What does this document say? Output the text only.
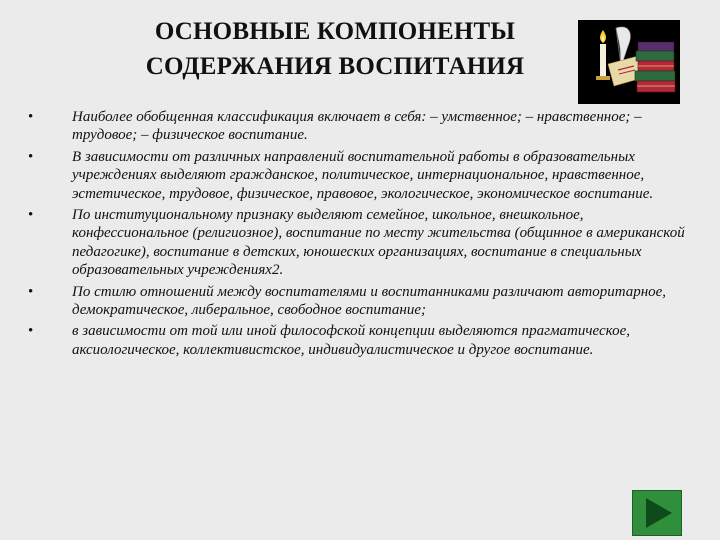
ОСНОВНЫЕ КОМПОНЕНТЫ
СОДЕРЖАНИЯ ВОСПИТАНИЯ
•	Наиболее обобщенная классификация включает в себя: – умственное; – нравственное; – трудовое; – физическое воспитание.
•	В зависимости от различных направлений воспитательной работы в образовательных учреждениях выделяют гражданское, политическое, интернациональное, нравственное, эстетическое, трудовое, физическое, правовое, экологическое, экономическое воспитание.
•	По институциональному признаку выделяют семейное, школьное, внешкольное, конфессиональное (религиозное), воспитание по месту жительства (общинное в американской педагогике), воспитание в детских, юношеских организациях, воспитание в специальных образовательных учреждениях2.
•	По стилю отношений между воспитателями и воспитанниками различают авторитарное, демократическое, либеральное, свободное воспитание;
•	в зависимости от той или иной философской концепции выделяются прагматическое, аксиологическое, коллективистское, индивидуалистическое и другое воспитание.
